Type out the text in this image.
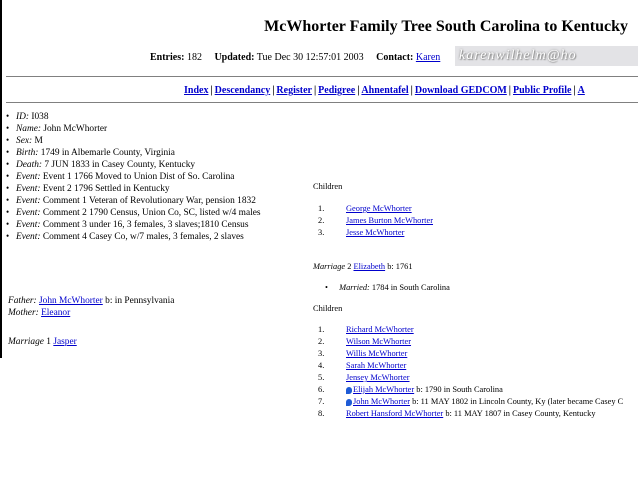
McWhorter Family Tree South Carolina to Kentucky
Entries: 182 Updated: Tue Dec 30 12:57:01 2003 Contact: Karen karenwilhelm@ho
Index | Descendancy | Register | Pedigree | Ahnentafel | Download GEDCOM | Public Profile | A
• ID: I038
• Name: John McWhorter
• Sex: M
• Birth: 1749 in Albemarle County, Virginia
• Death: 7 JUN 1833 in Casey County, Kentucky
• Event: Event 1 1766 Moved to Union Dist of So. Carolina
• Event: Event 2 1796 Settled in Kentucky
• Event: Comment 1 Veteran of Revolutionary War, pension 1832
• Event: Comment 2 1790 Census, Union Co, SC, listed w/4 males
• Event: Comment 3 under 16, 3 females, 3 slaves;1810 Census
• Event: Comment 4 Casey Co, w/7 males, 3 females, 2 slaves
Father: John McWhorter b: in Pennsylvania
Mother: Eleanor
Marriage 1 Jasper
Children
1.	George McWhorter
2.	James Burton McWhorter
3.	Jesse McWhorter
Marriage 2 Elizabeth b: 1761
• Married: 1784 in South Carolina
Children
1.	Richard McWhorter
2.	Wilson McWhorter
3.	Willis McWhorter
4.	Sarah McWhorter
5.	Jensey McWhorter
6.	Elijah McWhorter b: 1790 in South Carolina
7.	John McWhorter b: 11 MAY 1802 in Lincoln County, Ky (later became Casey C
8.	Robert Hansford McWhorter b: 11 MAY 1807 in Casey County, Kentucky
